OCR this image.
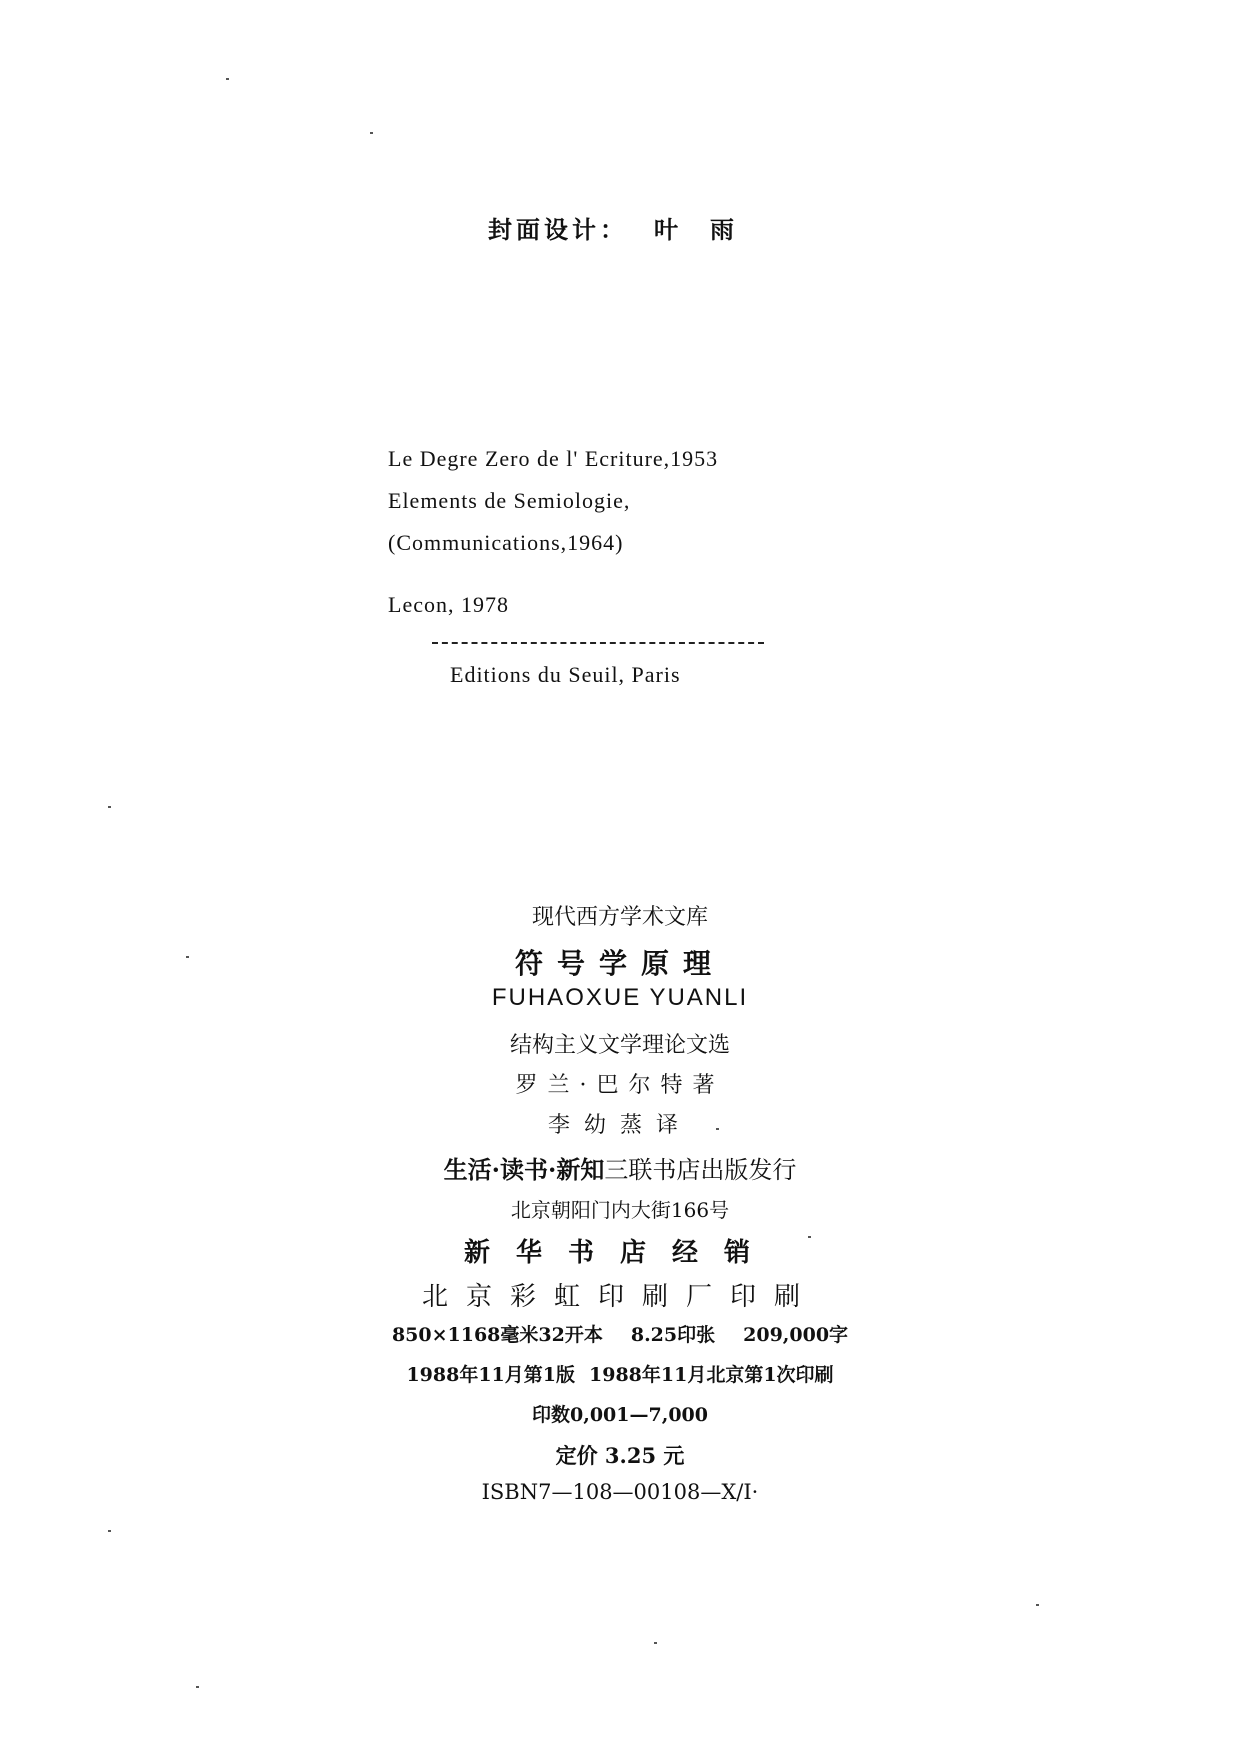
封面设计： 叶　雨
Le Degre Zero de l' Ecriture,1953
Elements de Semiologie,
(Communications,1964)
Lecon, 1978
Editions du Seuil, Paris
现代西方学术文库
符号学原理
FUHAOXUE YUANLI
结构主义文学理论文选
罗兰·巴尔特著
李幼蒸译
生活·读书·新知三联书店出版发行
北京朝阳门内大街166号
新华书店经销
北京彩虹印刷厂印刷
850×1168毫米32开本 8.25印张 209,000字
1988年11月第1版 1988年11月北京第1次印刷
印数0,001—7,000
定价 3.25 元
ISBN7—108—00108—X/I·
